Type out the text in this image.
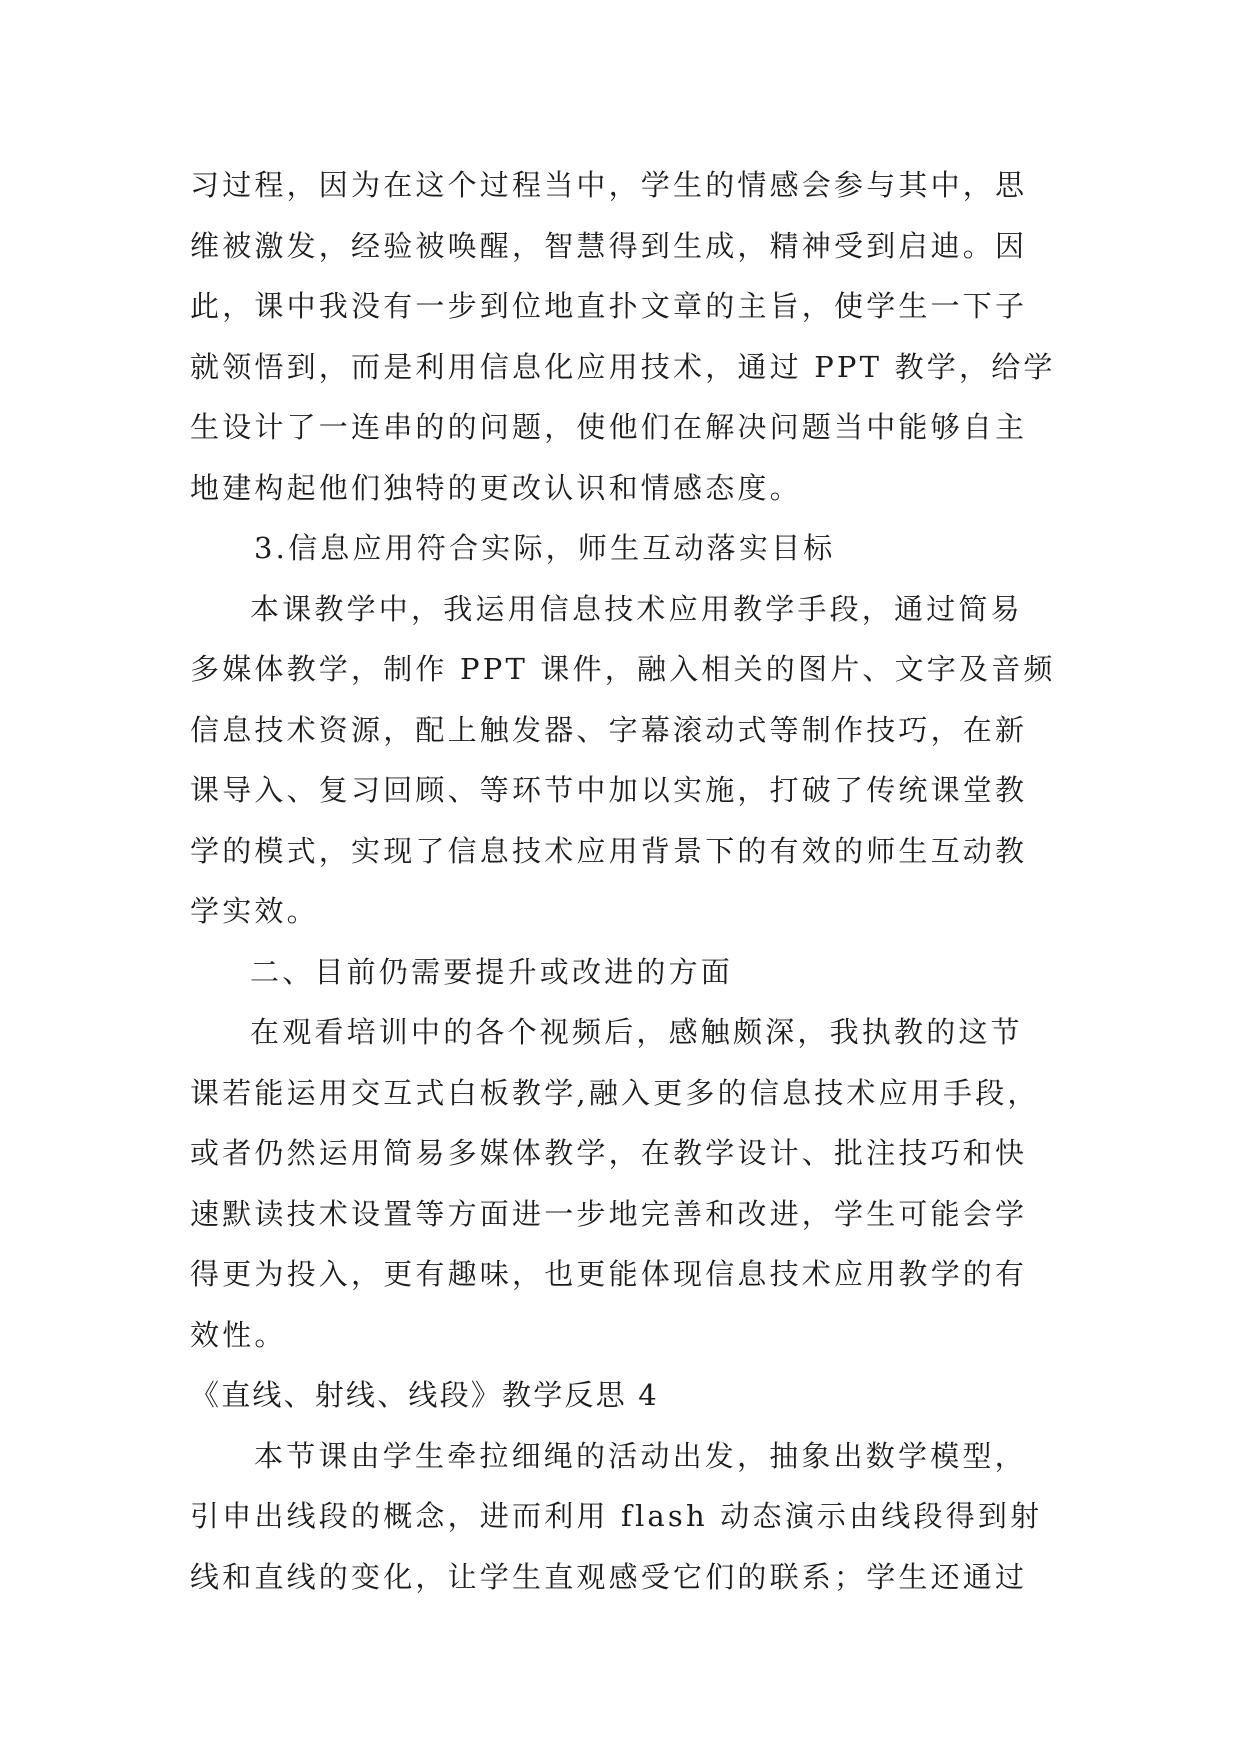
习过程，因为在这个过程当中，学生的情感会参与其中，思
维被激发，经验被唤醒，智慧得到生成，精神受到启迪。因
此，课中我没有一步到位地直扑文章的主旨，使学生一下子
就领悟到，而是利用信息化应用技术，通过 PPT 教学，给学
生设计了一连串的的问题，使他们在解决问题当中能够自主
地建构起他们独特的更改认识和情感态度。
3.信息应用符合实际，师生互动落实目标
本课教学中，我运用信息技术应用教学手段，通过简易
多媒体教学，制作 PPT 课件，融入相关的图片、文字及音频
信息技术资源，配上触发器、字幕滚动式等制作技巧，在新
课导入、复习回顾、等环节中加以实施，打破了传统课堂教
学的模式，实现了信息技术应用背景下的有效的师生互动教
学实效。
二、目前仍需要提升或改进的方面
在观看培训中的各个视频后，感触颇深，我执教的这节
课若能运用交互式白板教学,融入更多的信息技术应用手段，
或者仍然运用简易多媒体教学，在教学设计、批注技巧和快
速默读技术设置等方面进一步地完善和改进，学生可能会学
得更为投入，更有趣味，也更能体现信息技术应用教学的有
效性。
《直线、射线、线段》教学反思 4
本节课由学生牵拉细绳的活动出发，抽象出数学模型，
引申出线段的概念，进而利用 flash 动态演示由线段得到射
线和直线的变化，让学生直观感受它们的联系；学生还通过
